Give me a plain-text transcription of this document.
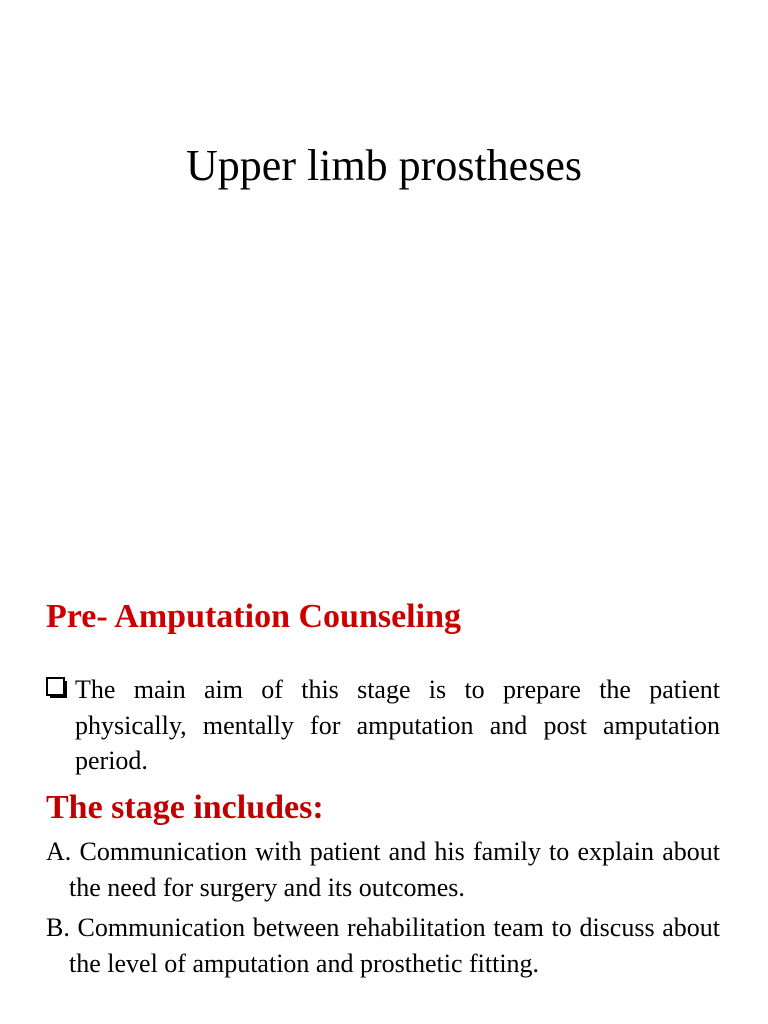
Upper limb prostheses
Pre- Amputation Counseling
The main aim of this stage is to prepare the patient physically, mentally for amputation and post amputation period.
The stage includes:
A. Communication with patient and his family to explain about the need for surgery and its outcomes.
B. Communication between rehabilitation team to discuss about the level of amputation and prosthetic fitting.
